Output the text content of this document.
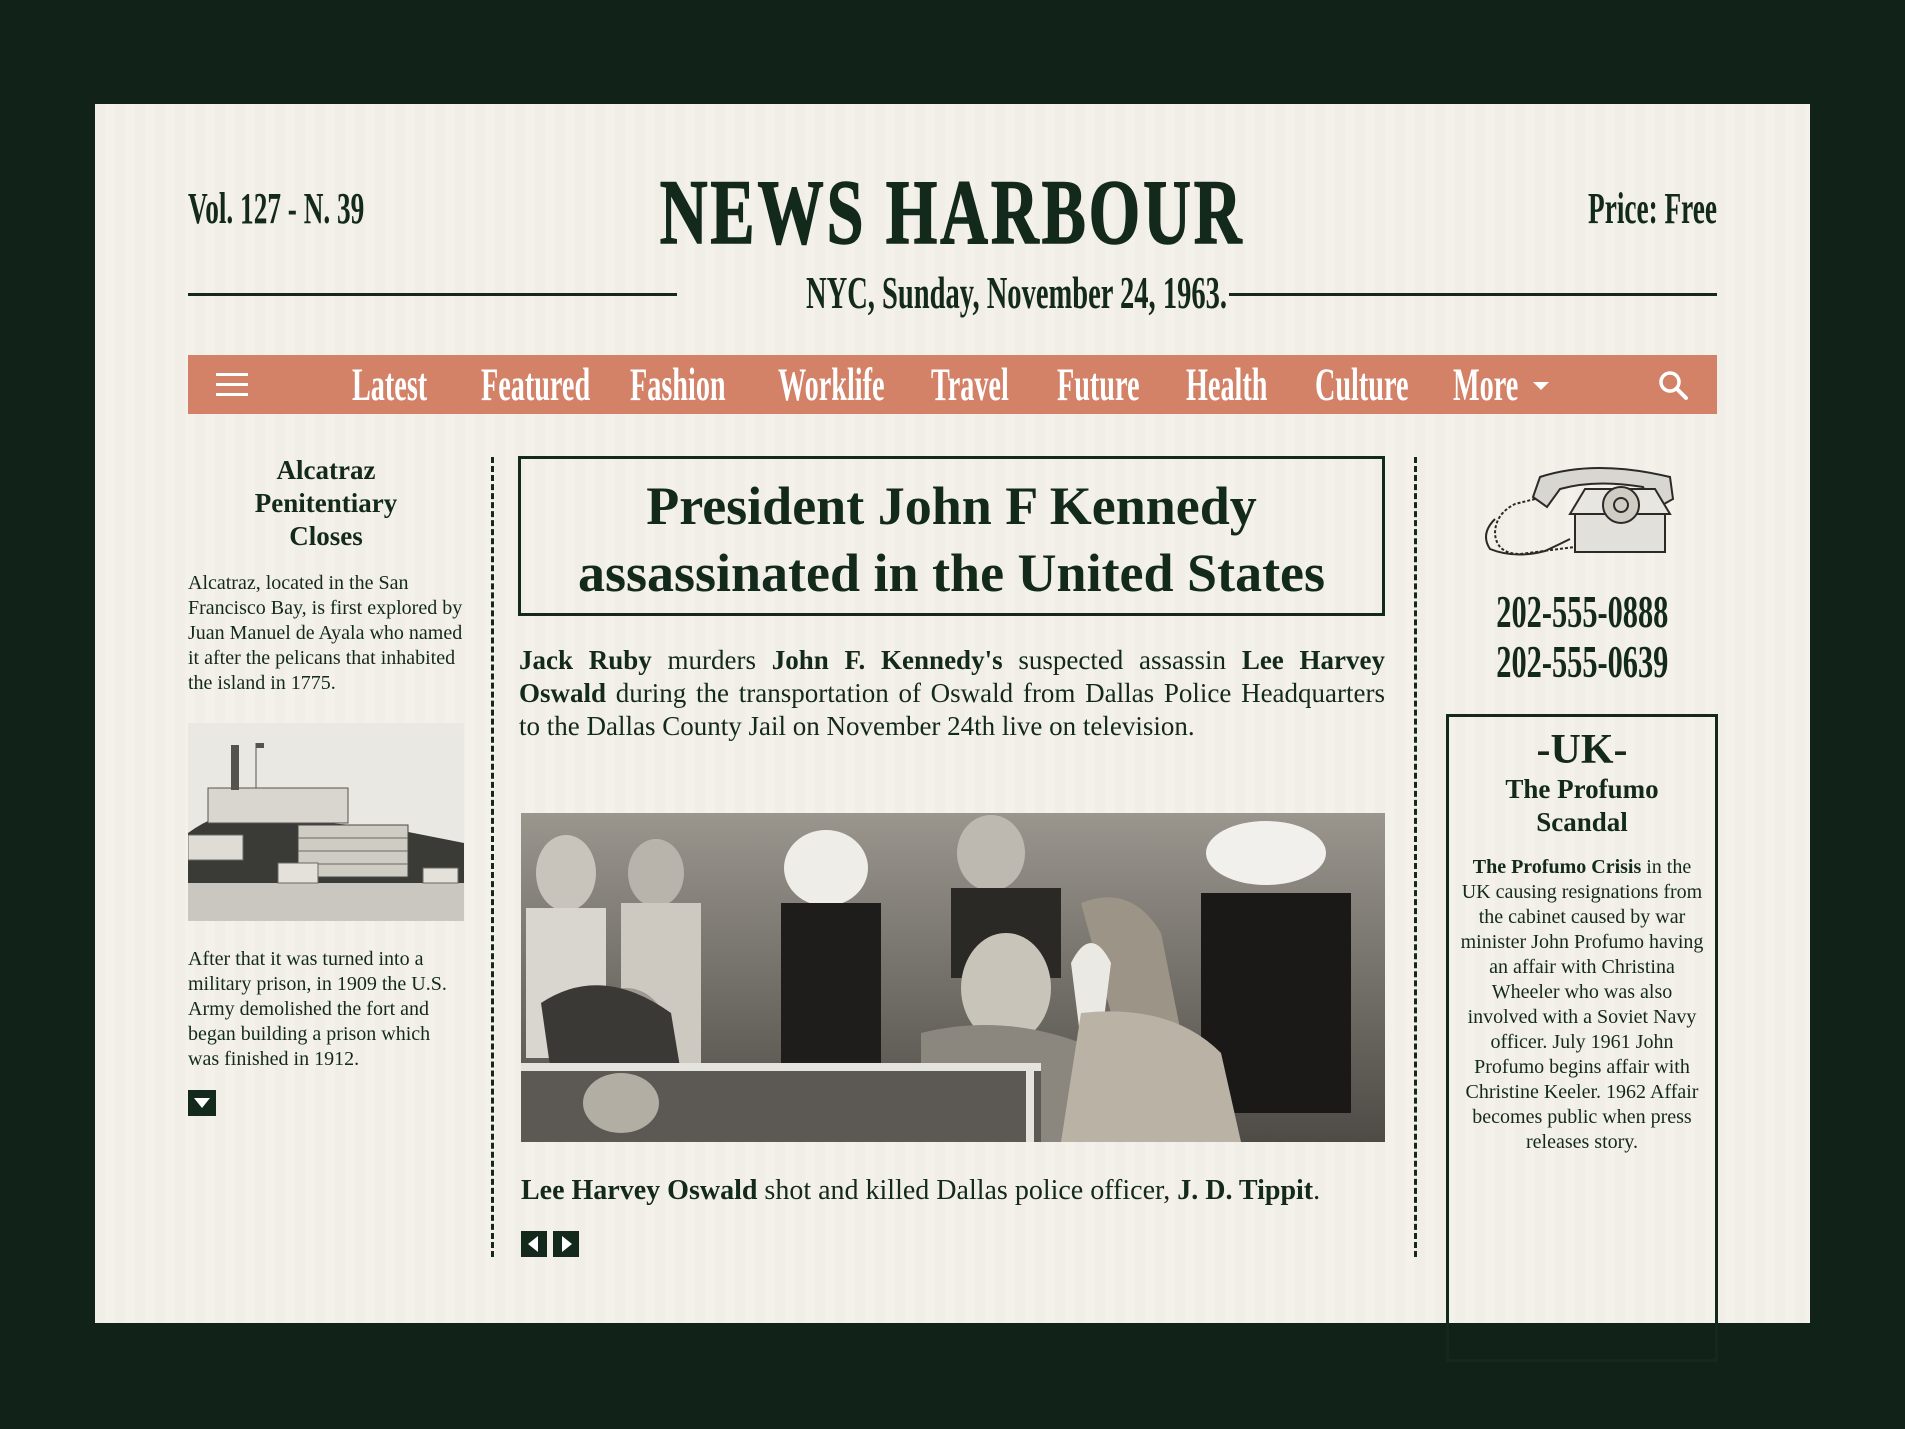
Vol. 127 - N. 39	NEWS HARBOUR	Price: Free
NYC, Sunday, November 24, 1963.
Latest Featured Fashion Worklife Travel Future Health Culture More
Alcatraz Penitentiary Closes

Alcatraz, located in the San Francisco Bay, is first explored by Juan Manuel de Ayala who named it after the pelicans that inhabited the island in 1775.

After that it was turned into a military prison, in 1909 the U.S. Army demolished the fort and began building a prison which was finished in 1912.

President John F Kennedy assassinated in the United States

Jack Ruby murders John F. Kennedy's suspected assassin Lee Harvey Oswald during the transportation of Oswald from Dallas Police Headquarters to the Dallas County Jail on November 24th live on television.

Lee Harvey Oswald shot and killed Dallas police officer, J. D. Tippit.

202-555-0888
202-555-0639
-UK-
The Profumo Scandal

The Profumo Crisis in the UK causing resignations from the cabinet caused by war minister John Profumo having an affair with Christina Wheeler who was also involved with a Soviet Navy officer. July 1961 John Profumo begins affair with Christine Keeler. 1962 Affair becomes public when press releases story.
